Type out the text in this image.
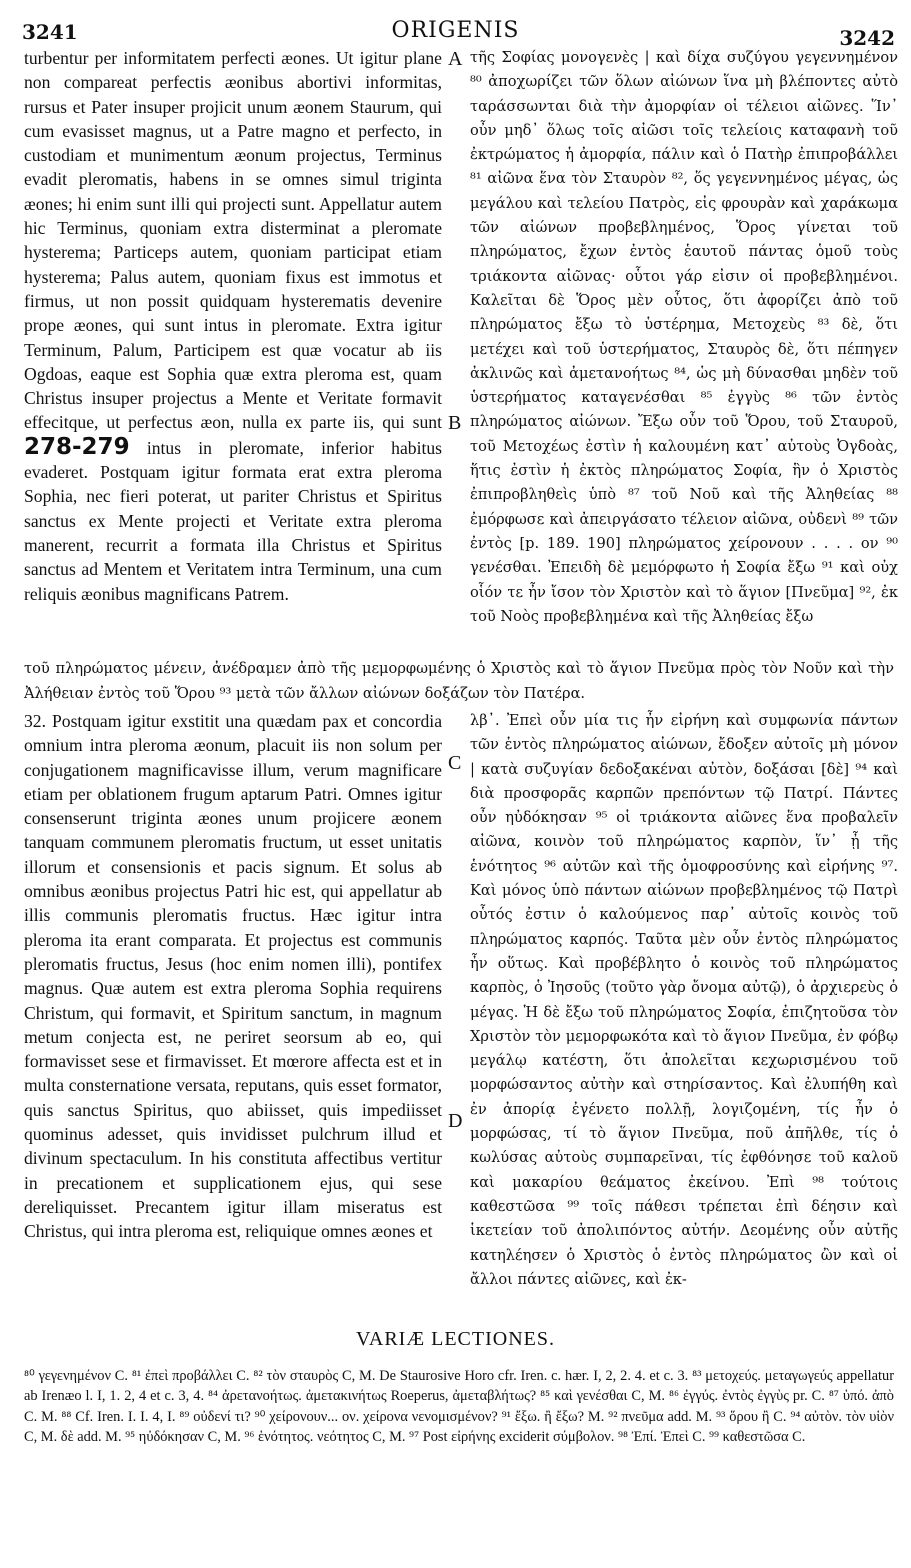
3241	ORIGENIS	3242

turbentur per informitatem perfecti æones. Ut igitur plane non compareat perfectis æonibus abortivi informitas, rursus et Pater insuper projicit unum æonem Staurum, qui cum evasisset magnus, ut a Patre magno et perfecto, in custodiam et munimentum æonum projectus, Terminus evadit pleromatis, habens in se omnes simul triginta æones; hi enim sunt illi qui projecti sunt. Appellatur autem hic Terminus, quoniam extra disterminat a pleromate hysterema; Particeps autem, quoniam participat etiam hysterema; Palus autem, quoniam fixus est immotus et firmus, ut non possit quidquam hysterematis devenire prope æones, qui sunt intus in pleromate. Extra igitur Terminum, Palum, Participem est quæ vocatur ab iis Ogdoas, eaque est Sophia quæ extra pleroma est, quam Christus insuper projectus a Mente et Veritate formavit effecitque, ut perfectus æon, nulla ex parte iis, qui sunt 278-279 intus in pleromate, inferior habitus evaderet. Postquam igitur formata erat extra pleroma Sophia, nec fieri poterat, ut pariter Christus et Spiritus sanctus ex Mente projecti et Veritate extra pleroma manerent, recurrit a formata illa Christus et Spiritus sanctus ad Mentem et Veritatem intra Terminum, una cum reliquis æonibus magnificans Patrem.

τῆς Σοφίας μονογενὲς | καὶ δίχα συζύγου γεγεννημένον ⁸⁰ ἀποχωρίζει τῶν ὅλων αἰώνων ἵνα μὴ βλέποντες αὐτὸ ταράσσωνται διὰ τὴν ἀμορφίαν οἱ τέλειοι αἰῶνες. Ἵν᾽ οὖν μηδ᾽ ὅλως τοῖς αἰῶσι τοῖς τελείοις καταφανὴ τοῦ ἐκτρώματος ἡ ἀμορφία, πάλιν καὶ ὁ Πατὴρ ἐπιπροβάλλει ⁸¹ αἰῶνα ἕνα τὸν Σταυρὸν ⁸², ὅς γεγεννημένος μέγας, ὡς μεγάλου καὶ τελείου Πατρὸς, εἰς φρουρὰν καὶ χαράκωμα τῶν αἰώνων προβεβλημένος, Ὅρος γίνεται τοῦ πληρώματος, ἔχων ἐντὸς ἑαυτοῦ πάντας ὁμοῦ τοὺς τριάκοντα αἰῶνας· οὗτοι γάρ εἰσιν οἱ προβεβλημένοι. Καλεῖται δὲ Ὅρος μὲν οὗτος, ὅτι ἀφορίζει ἀπὸ τοῦ πληρώματος ἔξω τὸ ὑστέρημα, Μετοχεὺς ⁸³ δὲ, ὅτι μετέχει καὶ τοῦ ὑστερήματος, Σταυρὸς δὲ, ὅτι πέπηγεν ἀκλινῶς καὶ ἀμετανοήτως ⁸⁴, ὡς μὴ δύνασθαι μηδὲν τοῦ ὑστερήματος καταγενέσθαι ⁸⁵ ἐγγὺς ⁸⁶ τῶν ἐντὸς πληρώματος αἰώνων. Ἔξω οὖν τοῦ Ὅρου, τοῦ Σταυροῦ, τοῦ Μετοχέως ἐστὶν ἡ καλουμένη κατ᾽ αὐτοὺς Ὀγδοὰς, ἥτις ἐστὶν ἡ ἐκτὸς πληρώματος Σοφία, ἣν ὁ Χριστὸς ἐπιπροβληθεὶς ὑπὸ ⁸⁷ τοῦ Νοῦ καὶ τῆς Ἀληθείας ⁸⁸ ἐμόρφωσε καὶ ἀπειργάσατο τέλειον αἰῶνα, οὐδενὶ ⁸⁹ τῶν ἐντὸς [p. 189. 190] πληρώματος χείρονουν . . . . ον ⁹⁰ γενέσθαι. Ἐπειδὴ δὲ μεμόρφωτο ἡ Σοφία ἔξω ⁹¹ καὶ οὐχ οἷόν τε ἦν ἴσον τὸν Χριστὸν καὶ τὸ ἅγιον [Πνεῦμα] ⁹², ἐκ τοῦ Νοὸς προβεβλημένα καὶ τῆς Ἀληθείας ἔξω

A
B

τοῦ πληρώματος μένειν, ἀνέδραμεν ἀπὸ τῆς μεμορφωμένης ὁ Χριστὸς καὶ τὸ ἅγιον Πνεῦμα πρὸς τὸν Νοῦν καὶ τὴν Ἀλήθειαν ἐντὸς τοῦ Ὅρου ⁹³ μετὰ τῶν ἄλλων αἰώνων δοξάζων τὸν Πατέρα.

32. Postquam igitur exstitit una quædam pax et concordia omnium intra pleroma æonum, placuit iis non solum per conjugationem magnificavisse illum, verum magnificare etiam per oblationem frugum aptarum Patri. Omnes igitur consenserunt triginta æones unum projicere æonem tanquam communem pleromatis fructum, ut esset unitatis illorum et consensionis et pacis signum. Et solus ab omnibus æonibus projectus Patri hic est, qui appellatur ab illis communis pleromatis fructus. Hæc igitur intra pleroma ita erant comparata. Et projectus est communis pleromatis fructus, Jesus (hoc enim nomen illi), pontifex magnus. Quæ autem est extra pleroma Sophia requirens Christum, qui formavit, et Spiritum sanctum, in magnum metum conjecta est, ne periret seorsum ab eo, qui formavisset sese et firmavisset. Et mœrore affecta est et in multa consternatione versata, reputans, quis esset formator, quis sanctus Spiritus, quo abiisset, quis impediisset quominus adesset, quis invidisset pulchrum illud et divinum spectaculum. In his constituta affectibus vertitur in precationem et supplicationem ejus, qui sese dereliquisset. Precantem igitur illam miseratus est Christus, qui intra pleroma est, reliquique omnes æones et

λβ᾽. Ἐπεὶ οὖν μία τις ἦν εἰρήνη καὶ συμφωνία πάντων τῶν ἐντὸς πληρώματος αἰώνων, ἔδοξεν αὐτοῖς μὴ μόνον | κατὰ συζυγίαν δεδοξακέναι αὐτὸν, δοξάσαι [δὲ] ⁹⁴ καὶ διὰ προσφορᾶς καρπῶν πρεπόντων τῷ Πατρί. Πάντες οὖν ηὐδόκησαν ⁹⁵ οἱ τριάκοντα αἰῶνες ἕνα προβαλεῖν αἰῶνα, κοινὸν τοῦ πληρώματος καρπὸν, ἵν᾽ ᾖ τῆς ἑνότητος ⁹⁶ αὐτῶν καὶ τῆς ὁμοφροσύνης καὶ εἰρήνης ⁹⁷. Καὶ μόνος ὑπὸ πάντων αἰώνων προβεβλημένος τῷ Πατρὶ οὗτός ἐστιν ὁ καλούμενος παρ᾽ αὐτοῖς κοινὸς τοῦ πληρώματος καρπός. Ταῦτα μὲν οὖν ἐντὸς πληρώματος ἦν οὕτως. Καὶ προβέβλητο ὁ κοινὸς τοῦ πληρώματος καρπὸς, ὁ Ἰησοῦς (τοῦτο γὰρ ὄνομα αὐτῷ), ὁ ἀρχιερεὺς ὁ μέγας. Ἡ δὲ ἔξω τοῦ πληρώματος Σοφία, ἐπιζητοῦσα τὸν Χριστὸν τὸν μεμορφωκότα καὶ τὸ ἅγιον Πνεῦμα, ἐν φόβῳ μεγάλῳ κατέστη, ὅτι ἀπολεῖται κεχωρισμένου τοῦ μορφώσαντος αὐτὴν καὶ στηρίσαντος. Καὶ ἐλυπήθη καὶ ἐν ἀπορίᾳ ἐγένετο πολλῇ, λογιζομένη, τίς ἦν ὁ μορφώσας, τί τὸ ἅγιον Πνεῦμα, ποῦ ἀπῆλθε, τίς ὁ κωλύσας αὐτοὺς συμπαρεῖναι, τίς ἐφθόνησε τοῦ καλοῦ καὶ μακαρίου θεάματος ἐκείνου. Ἐπὶ ⁹⁸ τούτοις καθεστῶσα ⁹⁹ τοῖς πάθεσι τρέπεται ἐπὶ δέησιν καὶ ἱκετείαν τοῦ ἀπολιπόντος αὐτήν. Δεομένης οὖν αὐτῆς κατηλέησεν ὁ Χριστὸς ὁ ἐντὸς πληρώματος ὢν καὶ οἱ ἄλλοι πάντες αἰῶνες, καὶ ἐκ-

C
D
VARIÆ LECTIONES.

⁸⁰ γεγενημένον C. ⁸¹ ἐπεὶ προβάλλει C. ⁸² τὸν σταυρὸς C, M. De Staurosive Horo cfr. Iren. c. hær. I, 2, 2. 4. et c. 3. ⁸³ μετοχεύς. μεταγωγεύς appellatur ab Irenæo l. I, 1. 2, 4 et c. 3, 4. ⁸⁴ ἀρετανοήτως. ἀμετακινήτως Roeperus, ἀμεταβλήτως? ⁸⁵ καὶ γενέσθαι C, M. ⁸⁶ ἐγγύς. ἐντὸς ἐγγὺς pr. C. ⁸⁷ ὑπό. ἀπὸ C. M. ⁸⁸ Cf. Iren. I. I. 4, I. ⁸⁹ οὐδενί τι? ⁹⁰ χείρονουν... ον. χείρονα νενομισμένον? ⁹¹ ἔξω. ἢ ἔξω? M. ⁹² πνεῦμα add. M. ⁹³ ὅρου ἢ C. ⁹⁴ αὐτὸν. τὸν υἱὸν C, M. δὲ add. M. ⁹⁵ ηὐδόκησαν C, M. ⁹⁶ ἑνότητος. νεότητος C, M. ⁹⁷ Post εἰρήνης exciderit σύμβολον. ⁹⁸ Ἐπί. Ἐπεὶ C. ⁹⁹ καθεστῶσα C.
